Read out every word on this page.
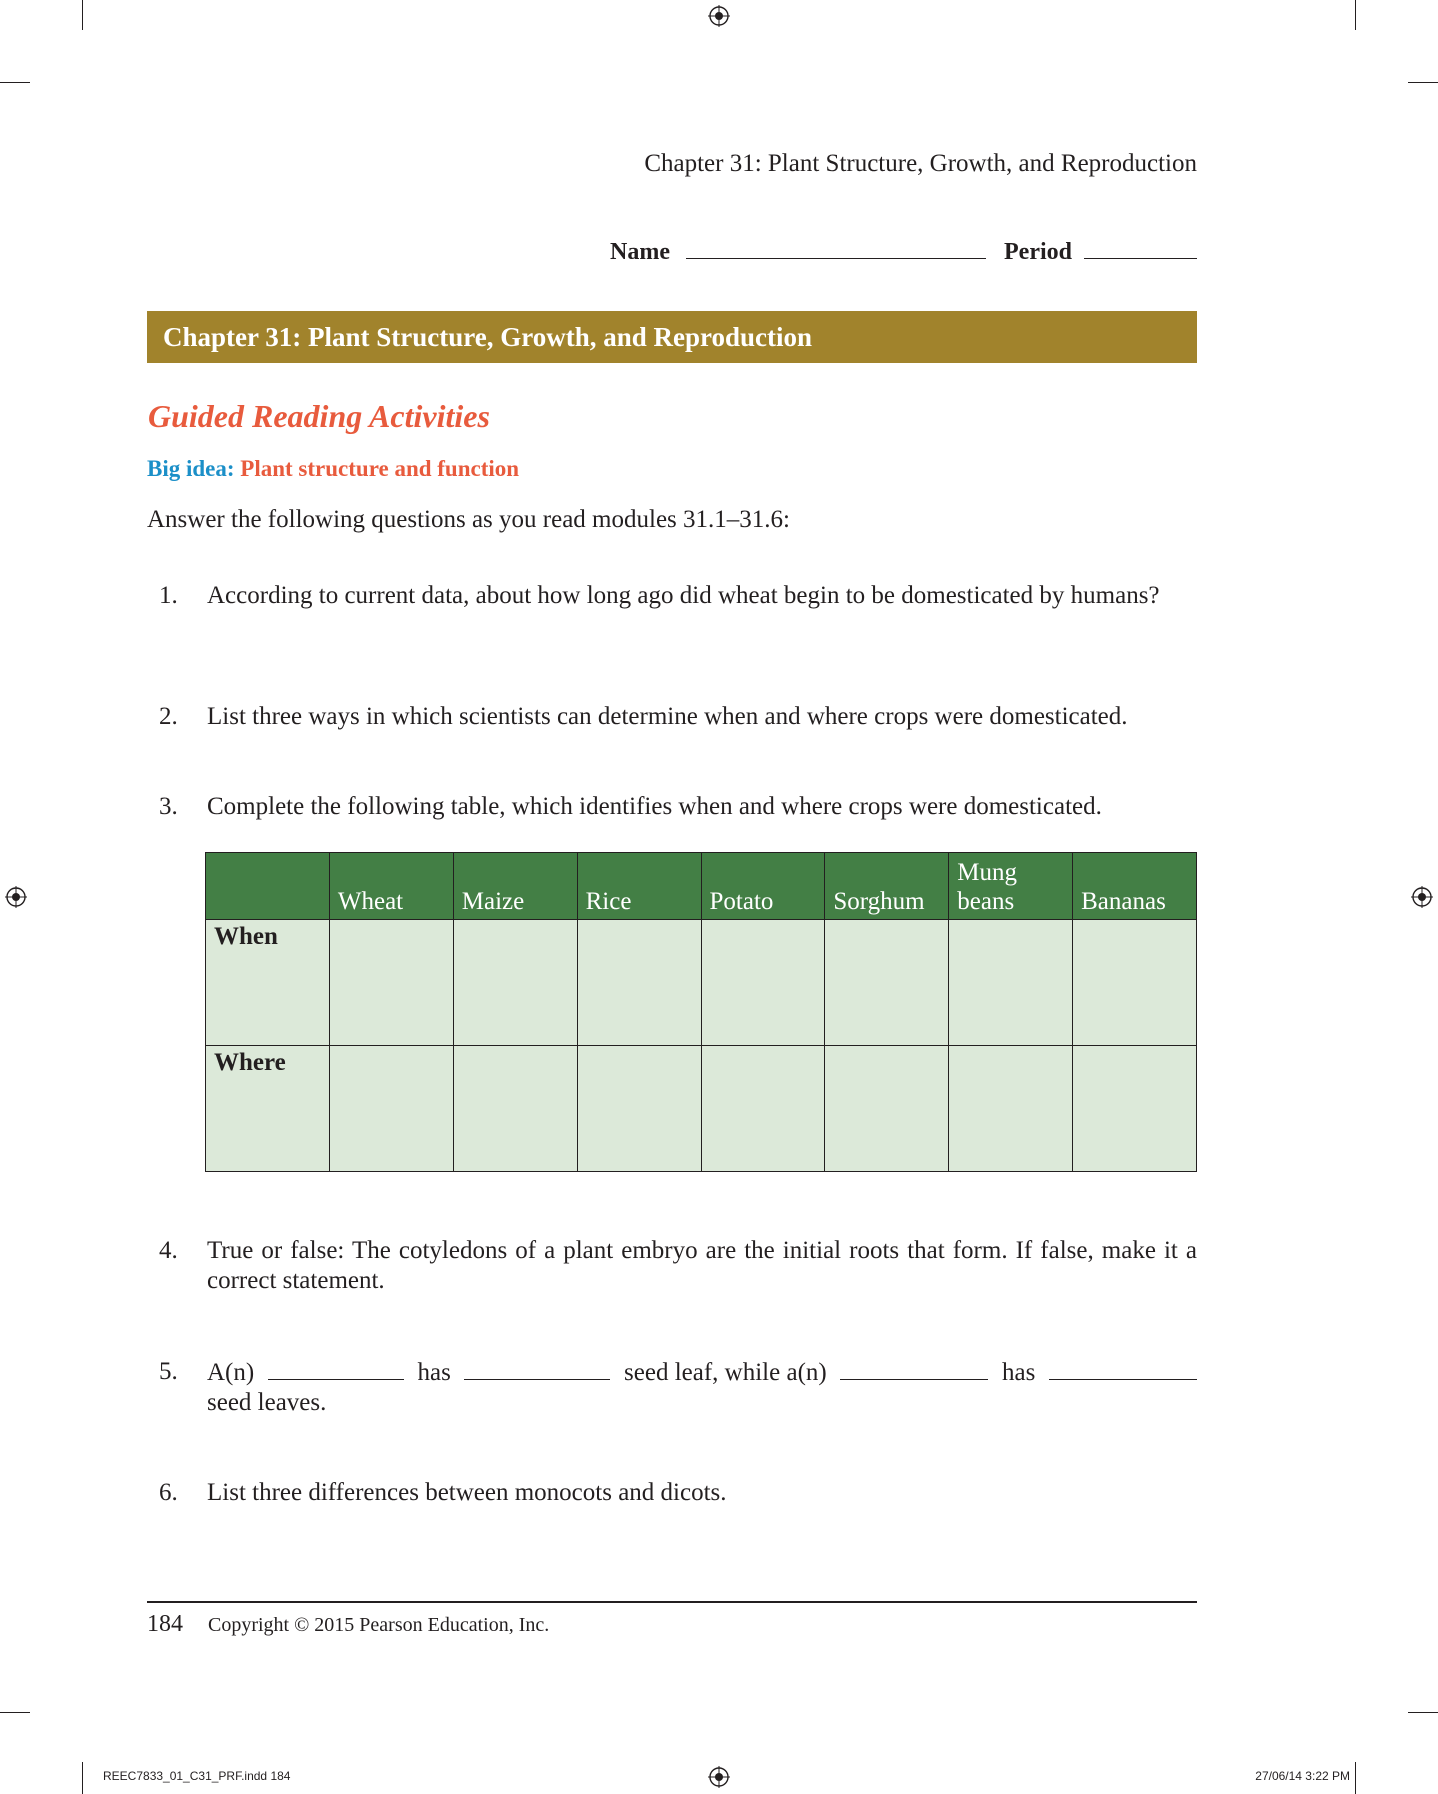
Chapter 31: Plant Structure, Growth, and Reproduction
Name	Period
Chapter 31: Plant Structure, Growth, and Reproduction
Guided Reading Activities
Big idea: Plant structure and function
Answer the following questions as you read modules 31.1–31.6:
1. According to current data, about how long ago did wheat begin to be domesticated by humans?
2. List three ways in which scientists can determine when and where crops were domesticated.
3. Complete the following table, which identifies when and where crops were domesticated.
	Wheat	Maize	Rice	Potato	Sorghum	Mung beans	Bananas
When							
Where							
4. True or false: The cotyledons of a plant embryo are the initial roots that form. If false, make it a correct statement.
5. A(n)	has	seed leaf, while a(n)	has
seed leaves.
6. List three differences between monocots and dicots.
184 Copyright © 2015 Pearson Education, Inc.
REEC7833_01_C31_PRF.indd 184	27/06/14 3:22 PM
